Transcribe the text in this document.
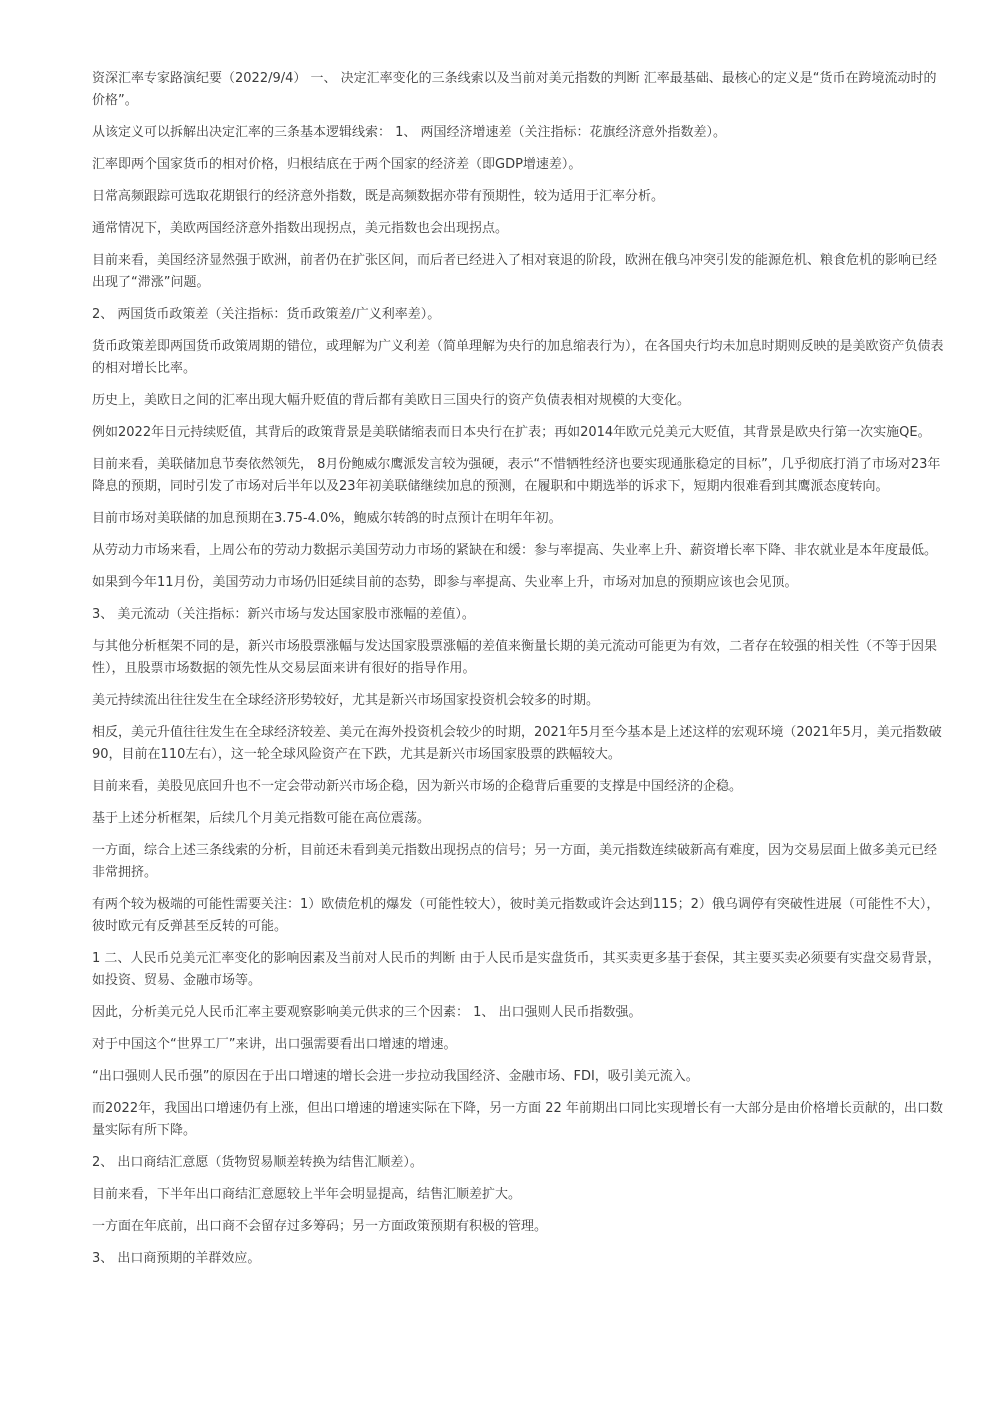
资深汇率专家路演纪要（2022/9/4） 一、 决定汇率变化的三条线索以及当前对美元指数的判断 汇率最基础、最核心的定义是“货币在跨境流动时的价格”。

从该定义可以拆解出决定汇率的三条基本逻辑线索： 1、 两国经济增速差（关注指标：花旗经济意外指数差）。

汇率即两个国家货币的相对价格，归根结底在于两个国家的经济差（即GDP增速差）。

日常高频跟踪可选取花期银行的经济意外指数，既是高频数据亦带有预期性，较为适用于汇率分析。

通常情况下，美欧两国经济意外指数出现拐点，美元指数也会出现拐点。

目前来看，美国经济显然强于欧洲，前者仍在扩张区间，而后者已经进入了相对衰退的阶段，欧洲在俄乌冲突引发的能源危机、粮食危机的影响已经出现了“滞涨”问题。

2、 两国货币政策差（关注指标：货币政策差/广义利率差）。

货币政策差即两国货币政策周期的错位，或理解为广义利差（简单理解为央行的加息缩表行为），在各国央行均未加息时期则反映的是美欧资产负债表的相对增长比率。

历史上，美欧日之间的汇率出现大幅升贬值的背后都有美欧日三国央行的资产负债表相对规模的大变化。

例如2022年日元持续贬值，其背后的政策背景是美联储缩表而日本央行在扩表；再如2014年欧元兑美元大贬值，其背景是欧央行第一次实施QE。

目前来看，美联储加息节奏依然领先， 8月份鲍威尔鹰派发言较为强硬，表示“不惜牺牲经济也要实现通胀稳定的目标”，几乎彻底打消了市场对23年降息的预期，同时引发了市场对后半年以及23年初美联储继续加息的预测，在履职和中期选举的诉求下，短期内很难看到其鹰派态度转向。

目前市场对美联储的加息预期在3.75-4.0%，鲍威尔转鸽的时点预计在明年年初。

从劳动力市场来看，上周公布的劳动力数据示美国劳动力市场的紧缺在和缓：参与率提高、失业率上升、薪资增长率下降、非农就业是本年度最低。

如果到今年11月份，美国劳动力市场仍旧延续目前的态势，即参与率提高、失业率上升，市场对加息的预期应该也会见顶。

3、 美元流动（关注指标：新兴市场与发达国家股市涨幅的差值）。

与其他分析框架不同的是，新兴市场股票涨幅与发达国家股票涨幅的差值来衡量长期的美元流动可能更为有效，二者存在较强的相关性（不等于因果性），且股票市场数据的领先性从交易层面来讲有很好的指导作用。

美元持续流出往往发生在全球经济形势较好，尤其是新兴市场国家投资机会较多的时期。

相反，美元升值往往发生在全球经济较差、美元在海外投资机会较少的时期，2021年5月至今基本是上述这样的宏观环境（2021年5月，美元指数破90，目前在110左右），这一轮全球风险资产在下跌，尤其是新兴市场国家股票的跌幅较大。

目前来看，美股见底回升也不一定会带动新兴市场企稳，因为新兴市场的企稳背后重要的支撑是中国经济的企稳。

基于上述分析框架，后续几个月美元指数可能在高位震荡。

一方面，综合上述三条线索的分析，目前还未看到美元指数出现拐点的信号；另一方面，美元指数连续破新高有难度，因为交易层面上做多美元已经非常拥挤。

有两个较为极端的可能性需要关注：1）欧债危机的爆发（可能性较大），彼时美元指数或许会达到115；2）俄乌调停有突破性进展（可能性不大），彼时欧元有反弹甚至反转的可能。

1 二、人民币兑美元汇率变化的影响因素及当前对人民币的判断 由于人民币是实盘货币，其买卖更多基于套保，其主要买卖必须要有实盘交易背景，如投资、贸易、金融市场等。

因此，分析美元兑人民币汇率主要观察影响美元供求的三个因素： 1、 出口强则人民币指数强。

对于中国这个“世界工厂”来讲，出口强需要看出口增速的增速。

“出口强则人民币强”的原因在于出口增速的增长会进一步拉动我国经济、金融市场、FDI，吸引美元流入。

而2022年，我国出口增速仍有上涨，但出口增速的增速实际在下降，另一方面 22 年前期出口同比实现增长有一大部分是由价格增长贡献的，出口数量实际有所下降。

2、 出口商结汇意愿（货物贸易顺差转换为结售汇顺差）。

目前来看，下半年出口商结汇意愿较上半年会明显提高，结售汇顺差扩大。

一方面在年底前，出口商不会留存过多筹码；另一方面政策预期有积极的管理。

3、 出口商预期的羊群效应。
